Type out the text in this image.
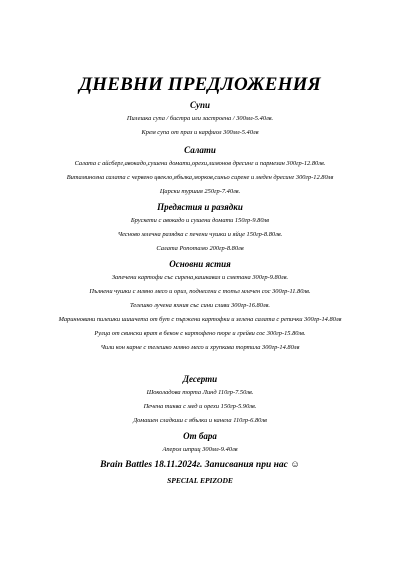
ДНЕВНИ ПРЕДЛОЖЕНИЯ
Супи
Пилешка супа / бистра или застроена / 300мл-5.40лв.
Крем супа от праз и карфиол 300мл-5.40лв
Салати
Салата с айсберг,авокадо,сушени домати,орехи,лимонов дресинг и пармезан 300гр-12.80лв.
Витаминозна салата с червено цвекло,ябълка,морков,синьо сирене и меден дресинг 300гр-12.80лв
Царски туршия 250гр-7.40лв.
Предястия и разядки
Брускети с авокадо и сушени домати 150гр-9.80лв
Чесново млечна разядка с печени чушки и яйце 150гр-8.80лв.
Салата Ропотамо 200гр-8.80лв
Основни ястия
Запечени картофи със сирена,кашкавал и сметана 300гр-9.80лв.
Пълнени чушки с мляно месо и ориз, поднесени с топъл млечен сос 300гр-11.80лв.
Телешко лучена яхния със сини сливи 300гр-16.80лв.
Маринновани пилешки шишчета от бут с пържени картофки и зелена салата с репички 300гр-14.80лв
Рулца от свински врат в бекон с картофено пюре и грейви сос 300гр-15.80лв.
Чили кон карне с телешко мляно месо и хрупкава тортила 300гр-14.80лв
Десерти
Шоколадова торта Линд 110гр-7.50лв.
Печена тиква с мед и орехи 150гр-5.90лв.
Домашен сладкиш с ябълки и канела 110гр-6.80лв
От бара
Аперол шприц 300мл-9.40лв
Brain Battles 18.11.2024г. Записвания при нас ☺
SPECIAL EPIZODE
